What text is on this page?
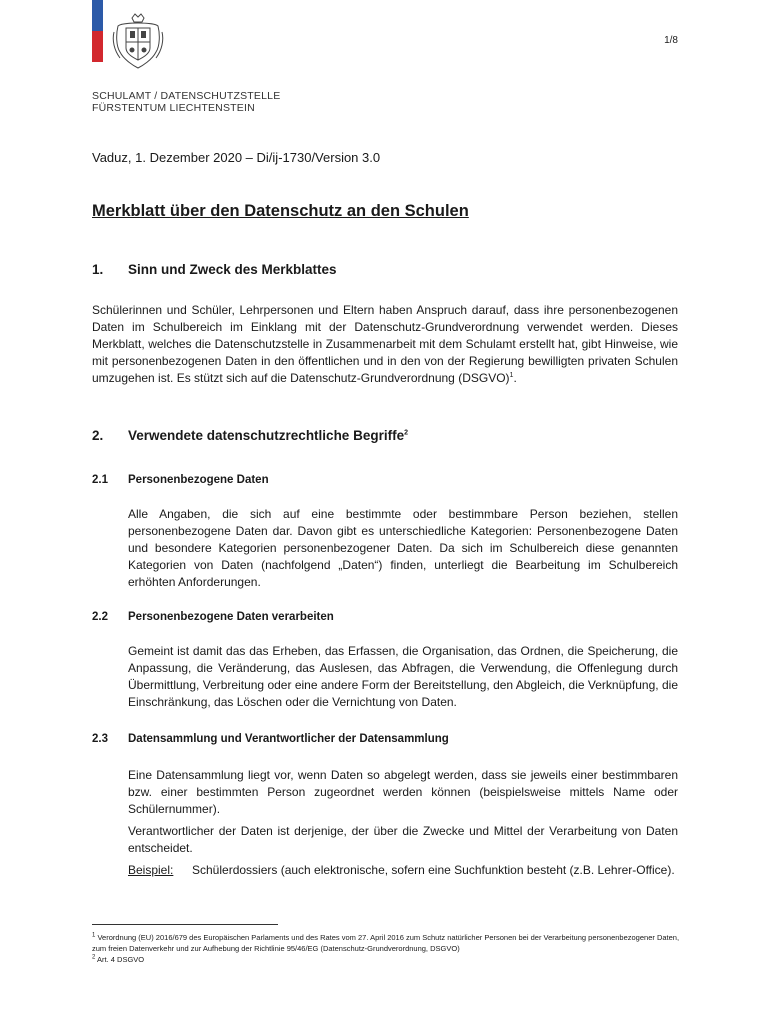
1/8
SCHULAMT / DATENSCHUTZSTELLE
FÜRSTENTUM LIECHTENSTEIN
Vaduz, 1. Dezember 2020 – Di/ij-1730/Version 3.0
Merkblatt über den Datenschutz an den Schulen
1. Sinn und Zweck des Merkblattes
Schülerinnen und Schüler, Lehrpersonen und Eltern haben Anspruch darauf, dass ihre personenbezogenen Daten im Schulbereich im Einklang mit der Datenschutz-Grundverordnung verwendet werden. Dieses Merkblatt, welches die Datenschutzstelle in Zusammenarbeit mit dem Schulamt erstellt hat, gibt Hinweise, wie mit personenbezogenen Daten in den öffentlichen und in den von der Regierung bewilligten privaten Schulen umzugehen ist. Es stützt sich auf die Datenschutz-Grundverordnung (DSGVO)$^1$.
2. Verwendete datenschutzrechtliche Begriffe$^2$
2.1 Personenbezogene Daten
Alle Angaben, die sich auf eine bestimmte oder bestimmbare Person beziehen, stellen personenbezogene Daten dar. Davon gibt es unterschiedliche Kategorien: Personenbezogene Daten und besondere Kategorien personenbezogener Daten. Da sich im Schulbereich diese genannten Kategorien von Daten (nachfolgend „Daten“) finden, unterliegt die Bearbeitung im Schulbereich erhöhten Anforderungen.
2.2 Personenbezogene Daten verarbeiten
Gemeint ist damit das das Erheben, das Erfassen, die Organisation, das Ordnen, die Speicherung, die Anpassung, die Veränderung, das Auslesen, das Abfragen, die Verwendung, die Offenlegung durch Übermittlung, Verbreitung oder eine andere Form der Bereitstellung, den Abgleich, die Verknüpfung, die Einschränkung, das Löschen oder die Vernichtung von Daten.
2.3 Datensammlung und Verantwortlicher der Datensammlung
Eine Datensammlung liegt vor, wenn Daten so abgelegt werden, dass sie jeweils einer bestimmbaren bzw. einer bestimmten Person zugeordnet werden können (beispielsweise mittels Name oder Schülernummer).
Verantwortlicher der Daten ist derjenige, der über die Zwecke und Mittel der Verarbeitung von Daten entscheidet.
Beispiel:	Schülerdossiers (auch elektronische, sofern eine Suchfunktion besteht (z.B. Lehrer-Office).
$^1$ Verordnung (EU) 2016/679 des Europäischen Parlaments und des Rates vom 27. April 2016 zum Schutz natürlicher Personen bei der Verarbeitung personenbezogener Daten, zum freien Datenverkehr und zur Aufhebung der Richtlinie 95/46/EG (Datenschutz-Grundverordnung, DSGVO)
$^2$ Art. 4 DSGVO
